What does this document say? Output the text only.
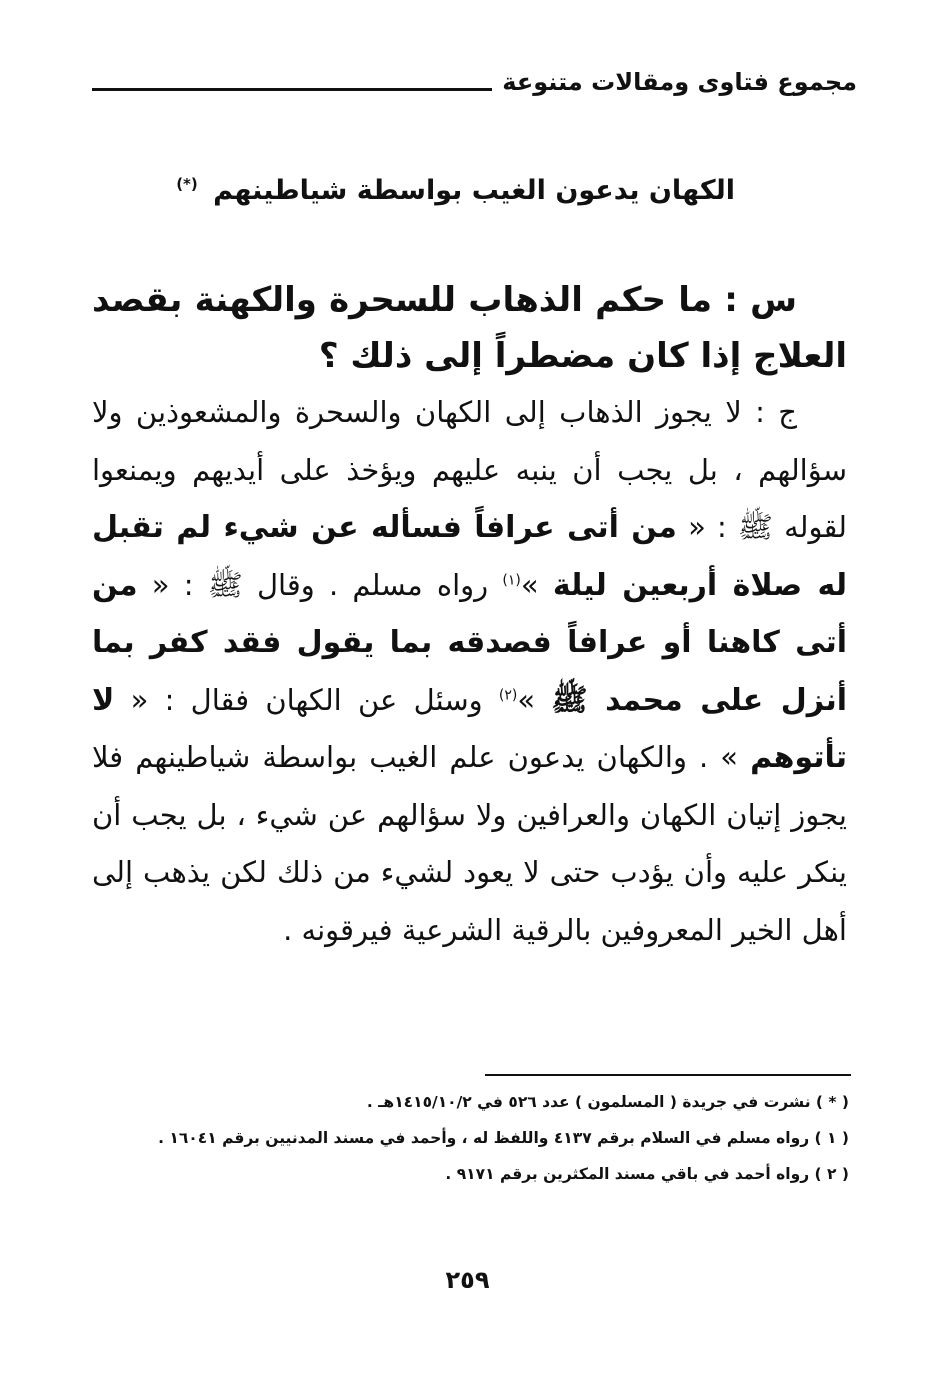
مجموع فتاوى ومقالات متنوعة
الكهان يدعون الغيب بواسطة شياطينهم (*)

س : ما حكم الذهاب للسحرة والكهنة بقصد العلاج إذا كان مضطراً إلى ذلك ؟

ج : لا يجوز الذهاب إلى الكهان والسحرة والمشعوذين ولا سؤالهم ، بل يجب أن ينبه عليهم ويؤخذ على أيديهم ويمنعوا لقوله ﷺ : « من أتى عرافاً فسأله عن شيء لم تقبل له صلاة أربعين ليلة »$^{(١)}$ رواه مسلم . وقال ﷺ : « من أتى كاهنا أو عرافاً فصدقه بما يقول فقد كفر بما أنزل على محمد ﷺ »$^{(٢)}$ وسئل عن الكهان فقال : « لا تأتوهم » . والكهان يدعون علم الغيب بواسطة شياطينهم فلا يجوز إتيان الكهان والعرافين ولا سؤالهم عن شيء ، بل يجب أن ينكر عليه وأن يؤدب حتى لا يعود لشيء من ذلك لكن يذهب إلى أهل الخير المعروفين بالرقية الشرعية فيرقونه .

( * ) نشرت في جريدة ( المسلمون ) عدد ٥٢٦ في ١٤١٥/١٠/٢هـ .
( ١ ) رواه مسلم في السلام برقم ٤١٣٧ واللفظ له ، وأحمد في مسند المدنيين برقم ١٦٠٤١ .
( ٢ ) رواه أحمد في باقي مسند المكثرين برقم ٩١٧١ .
٢٥٩
